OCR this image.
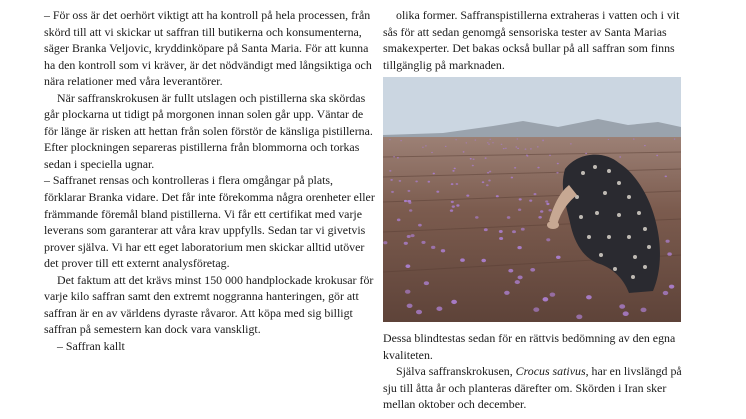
– För oss är det oerhört viktigt att ha kontroll på hela processen, från skörd till att vi skickar ut saffran till butikerna och konsumenterna, säger Branka Veljovic, kryddinköpare på Santa Maria. För att kunna ha den kontroll som vi kräver, är det nödvändigt med långsiktiga och nära relationer med våra leverantörer.

När saffranskrokusen är fullt utslagen och pistillerna ska skördas går plockarna ut tidigt på morgonen innan solen går upp. Väntar de för länge är risken att hettan från solen förstör de känsliga pistillerna. Efter plockningen separeras pistillerna från blommorna och torkas sedan i speciella ugnar.

– Saffranet rensas och kontrolleras i flera omgångar på plats, förklarar Branka vidare. Det får inte förekomma några orenheter eller främmande föremål bland pistillerna. Vi får ett certifikat med varje leverans som garanterar att våra krav uppfylls. Sedan tar vi givetvis prover själva. Vi har ett eget laboratorium men skickar alltid utöver det prover till ett externt analysföretag.

Det faktum att det krävs minst 150 000 handplockade krokusar för varje kilo saffran samt den extremt noggranna hanteringen, gör att saffran är en av världens dyraste råvaror. Att köpa med sig billigt saffran på semestern kan dock vara vanskligt.

– Saffran kallt

olika former. Saffranspistillerna extraheras i vatten och i vit sås för att sedan genomgå sensoriska tester av Santa Marias smakexperter. Det bakas också bullar på all saffran som finns tillgänglig på marknaden.

Dessa blindtestas sedan för en rättvis bedömning av den egna kvaliteten.

Själva saffranskrokusen, Crocus sativus, har en livslängd på sju till åtta år och planteras därefter om. Skörden i Iran sker mellan oktober och december.
